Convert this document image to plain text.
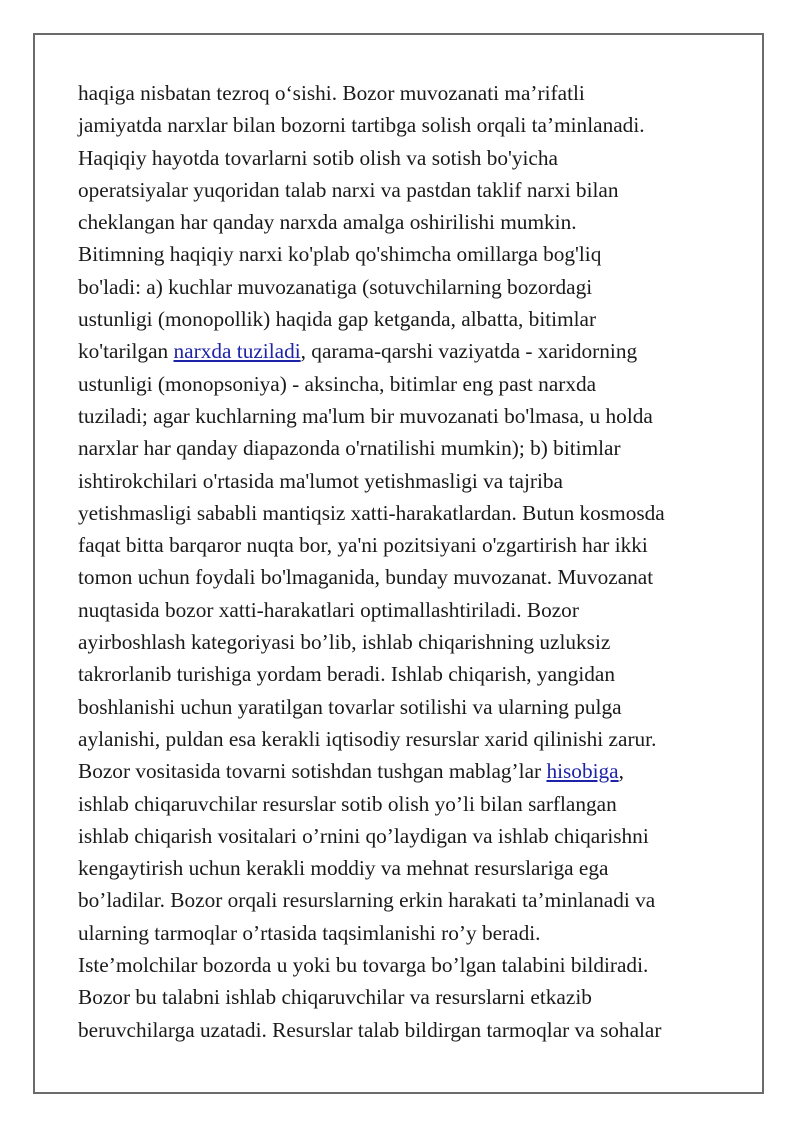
haqiga nisbatan tezroq o‘sishi. Bozor muvozanati ma’rifatli
jamiyatda narxlar bilan bozorni tartibga solish orqali ta’minlanadi.
Haqiqiy hayotda tovarlarni sotib olish va sotish bo'yicha
operatsiyalar yuqoridan talab narxi va pastdan taklif narxi bilan
cheklangan har qanday narxda amalga oshirilishi mumkin.
Bitimning haqiqiy narxi ko'plab qo'shimcha omillarga bog'liq
bo'ladi: a) kuchlar muvozanatiga (sotuvchilarning bozordagi
ustunligi (monopollik) haqida gap ketganda, albatta, bitimlar
ko'tarilgan narxda tuziladi, qarama-qarshi vaziyatda - xaridorning
ustunligi (monopsoniya) - aksincha, bitimlar eng past narxda
tuziladi; agar kuchlarning ma'lum bir muvozanati bo'lmasa, u holda
narxlar har qanday diapazonda o'rnatilishi mumkin); b) bitimlar
ishtirokchilari o'rtasida ma'lumot yetishmasligi va tajriba
yetishmasligi sababli mantiqsiz xatti-harakatlardan. Butun kosmosda
faqat bitta barqaror nuqta bor, ya'ni pozitsiyani o'zgartirish har ikki
tomon uchun foydali bo'lmaganida, bunday muvozanat. Muvozanat
nuqtasida bozor xatti-harakatlari optimallashtiriladi. Bozor
ayirboshlash kategoriyasi bo’lib, ishlab chiqarishning uzluksiz
takrorlanib turishiga yordam beradi. Ishlab chiqarish, yangidan
boshlanishi uchun yaratilgan tovarlar sotilishi va ularning pulga
aylanishi, puldan esa kerakli iqtisodiy resurslar xarid qilinishi zarur.
Bozor vositasida tovarni sotishdan tushgan mablag’lar hisobiga,
ishlab chiqaruvchilar resurslar sotib olish yo’li bilan sarflangan
ishlab chiqarish vositalari o’rnini qo’laydigan va ishlab chiqarishni
kengaytirish uchun kerakli moddiy va mehnat resurslariga ega
bo’ladilar. Bozor orqali resurslarning erkin harakati ta’minlanadi va
ularning tarmoqlar o’rtasida taqsimlanishi ro’y beradi.
Iste’molchilar bozorda u yoki bu tovarga bo’lgan talabini bildiradi.
Bozor bu talabni ishlab chiqaruvchilar va resurslarni etkazib
beruvchilarga uzatadi. Resurslar talab bildirgan tarmoqlar va sohalar
